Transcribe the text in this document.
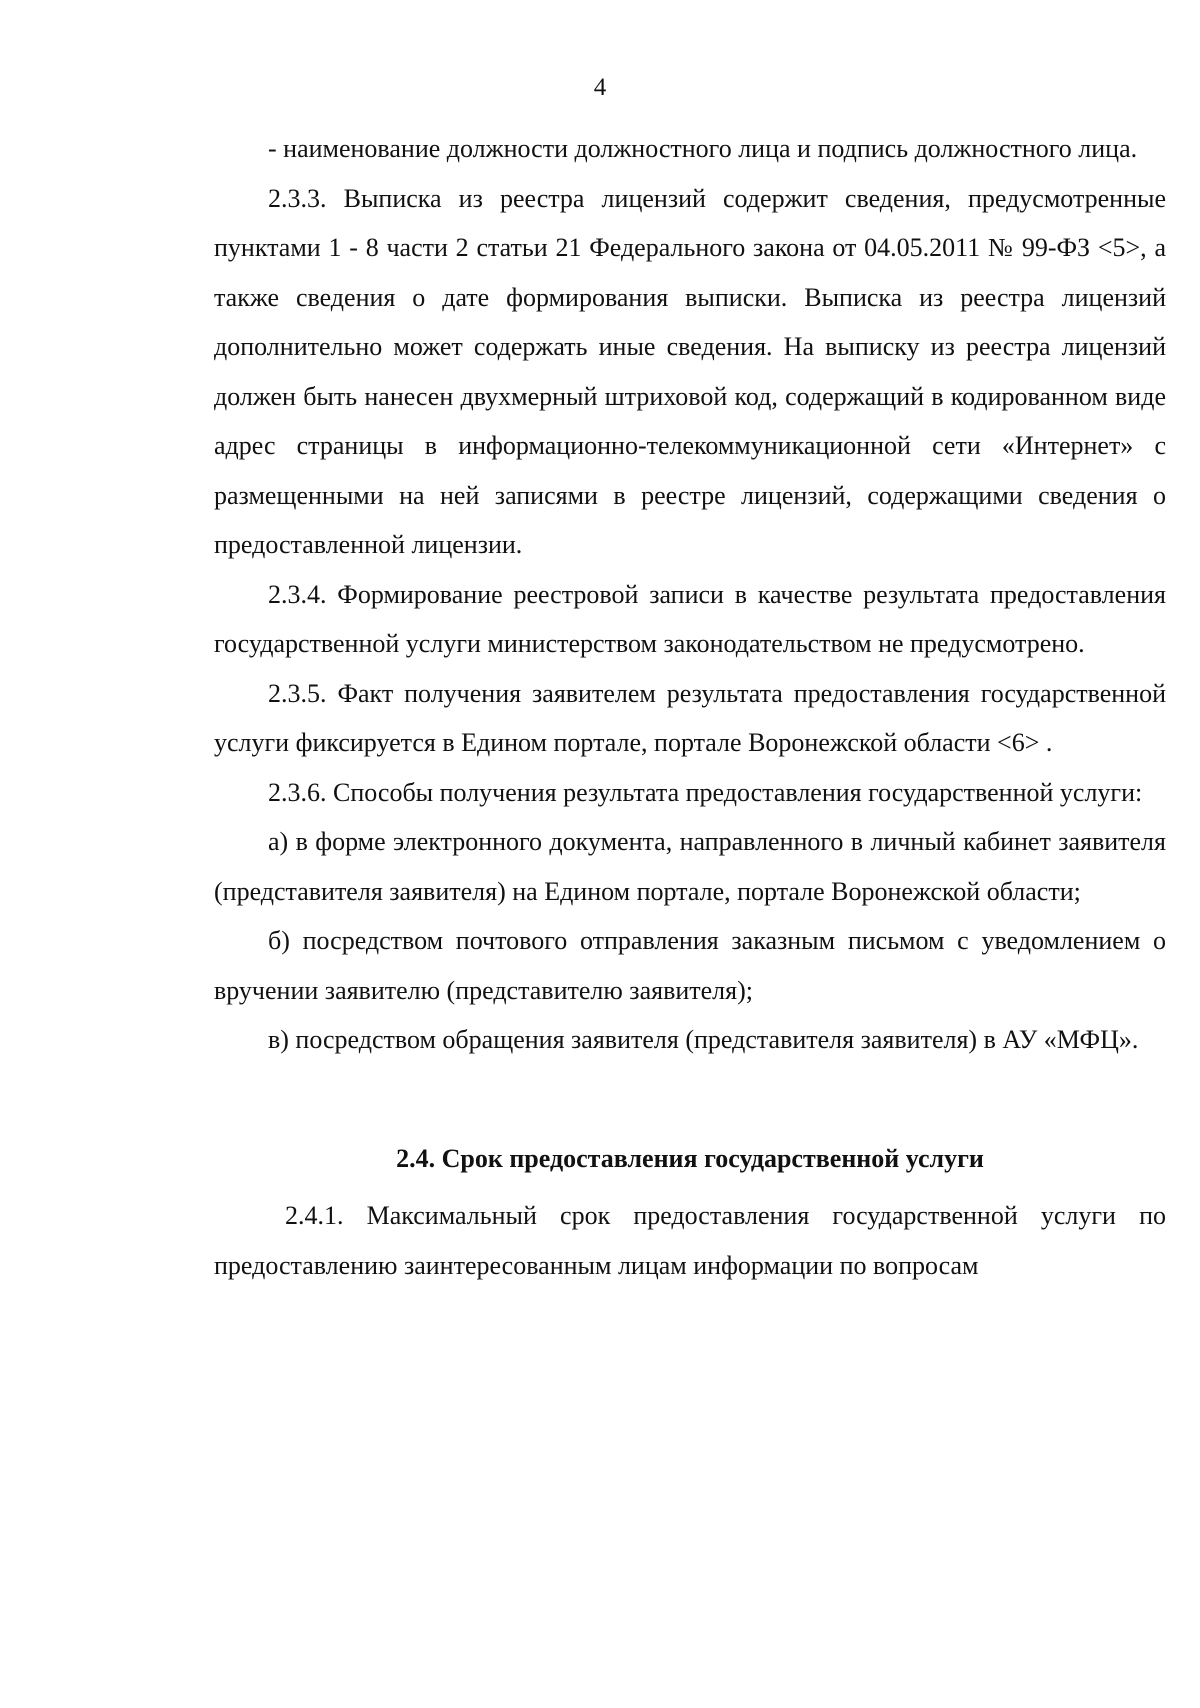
4

- наименование должности должностного лица и подпись должностного лица.

2.3.3. Выписка из реестра лицензий содержит сведения, предусмотренные пунктами 1 - 8 части 2 статьи 21 Федерального закона от 04.05.2011 № 99-ФЗ <5>, а также сведения о дате формирования выписки. Выписка из реестра лицензий дополнительно может содержать иные сведения. На выписку из реестра лицензий должен быть нанесен двухмерный штриховой код, содержащий в кодированном виде адрес страницы в информационно-телекоммуникационной сети «Интернет» с размещенными на ней записями в реестре лицензий, содержащими сведения о предоставленной лицензии.

2.3.4. Формирование реестровой записи в качестве результата предоставления государственной услуги министерством законодательством не предусмотрено.

2.3.5. Факт получения заявителем результата предоставления государственной услуги фиксируется в Едином портале, портале Воронежской области <6> .

2.3.6. Способы получения результата предоставления государственной услуги:

а) в форме электронного документа, направленного в личный кабинет заявителя (представителя заявителя) на Едином портале, портале Воронежской области;

б) посредством почтового отправления заказным письмом с уведомлением о вручении заявителю (представителю заявителя);

в) посредством обращения заявителя (представителя заявителя) в АУ «МФЦ».

2.4. Срок предоставления государственной услуги

2.4.1. Максимальный срок предоставления государственной услуги по предоставлению заинтересованным лицам информации по вопросам
